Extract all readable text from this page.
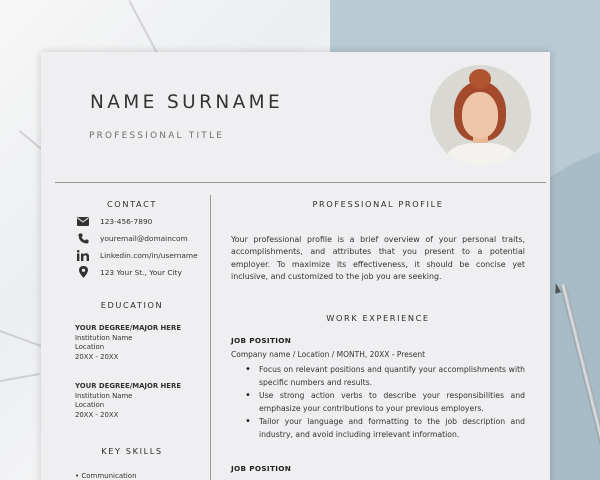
NAME SURNAME
PROFESSIONAL TITLE
CONTACT
123-456-7890
youremail@domaincom
Linkedin.com/in/username
123 Your St., Your City
EDUCATION
YOUR DEGREE/MAJOR HERE
Institution Name
Location
20XX - 20XX
YOUR DEGREE/MAJOR HERE
Institution Name
Location
20XX - 20XX
KEY SKILLS
• Communication
PROFESSIONAL PROFILE
Your professional profile is a brief overview of your personal traits, accomplishments, and attributes that you present to a potential employer. To maximize its effectiveness, it should be concise yet inclusive, and customized to the job you are seeking.
WORK EXPERIENCE
JOB POSITION
Company name / Location / MONTH, 20XX - Present
• Focus on relevant positions and quantify your accomplishments with specific numbers and results.
• Use strong action verbs to describe your responsibilities and emphasize your contributions to your previous employers.
• Tailor your language and formatting to the job description and industry, and avoid including irrelevant information.
JOB POSITION
